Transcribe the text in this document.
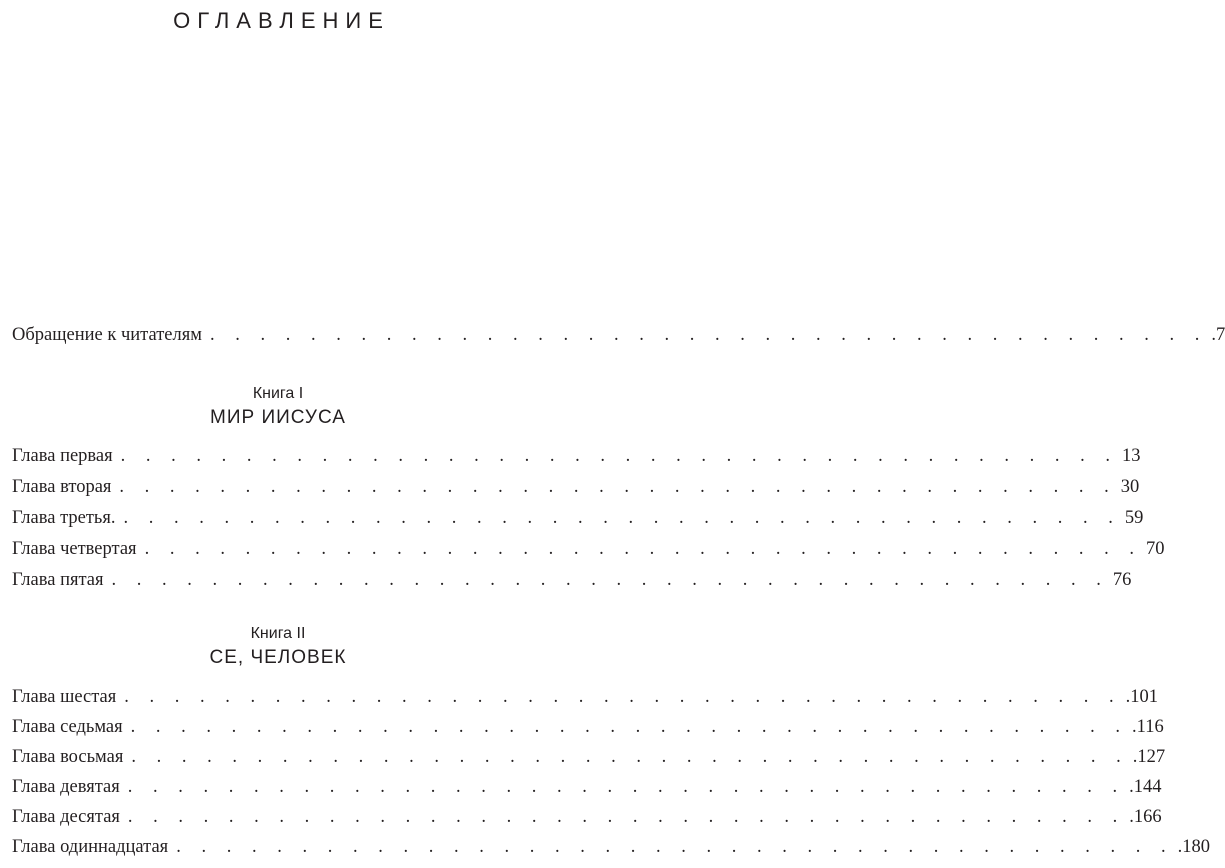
ОГЛАВЛЕНИЕ
Обращение к читателям . . . . . . . . . . . . . . . . . . . . . . . . . . . . . . . . . . . . . . . . .7
Книга I
МИР ИИСУСА
Глава первая . . . . . . . . . . . . . . . . . . . . . . . . . . . . . . . . . . . . . . . . 13
Глава вторая . . . . . . . . . . . . . . . . . . . . . . . . . . . . . . . . . . . . . . . . 30
Глава третья. . . . . . . . . . . . . . . . . . . . . . . . . . . . . . . . . . . . . . . . . 59
Глава четвертая . . . . . . . . . . . . . . . . . . . . . . . . . . . . . . . . . . . . . . . . 70
Глава пятая . . . . . . . . . . . . . . . . . . . . . . . . . . . . . . . . . . . . . . . . 76
Книга II
СЕ, ЧЕЛОВЕК
Глава шестая . . . . . . . . . . . . . . . . . . . . . . . . . . . . . . . . . . . . . . . . .101
Глава седьмая . . . . . . . . . . . . . . . . . . . . . . . . . . . . . . . . . . . . . . . . .116
Глава восьмая . . . . . . . . . . . . . . . . . . . . . . . . . . . . . . . . . . . . . . . . .127
Глава девятая . . . . . . . . . . . . . . . . . . . . . . . . . . . . . . . . . . . . . . . . .144
Глава десятая . . . . . . . . . . . . . . . . . . . . . . . . . . . . . . . . . . . . . . . . .166
Глава одиннадцатая . . . . . . . . . . . . . . . . . . . . . . . . . . . . . . . . . . . . . . . . .180
